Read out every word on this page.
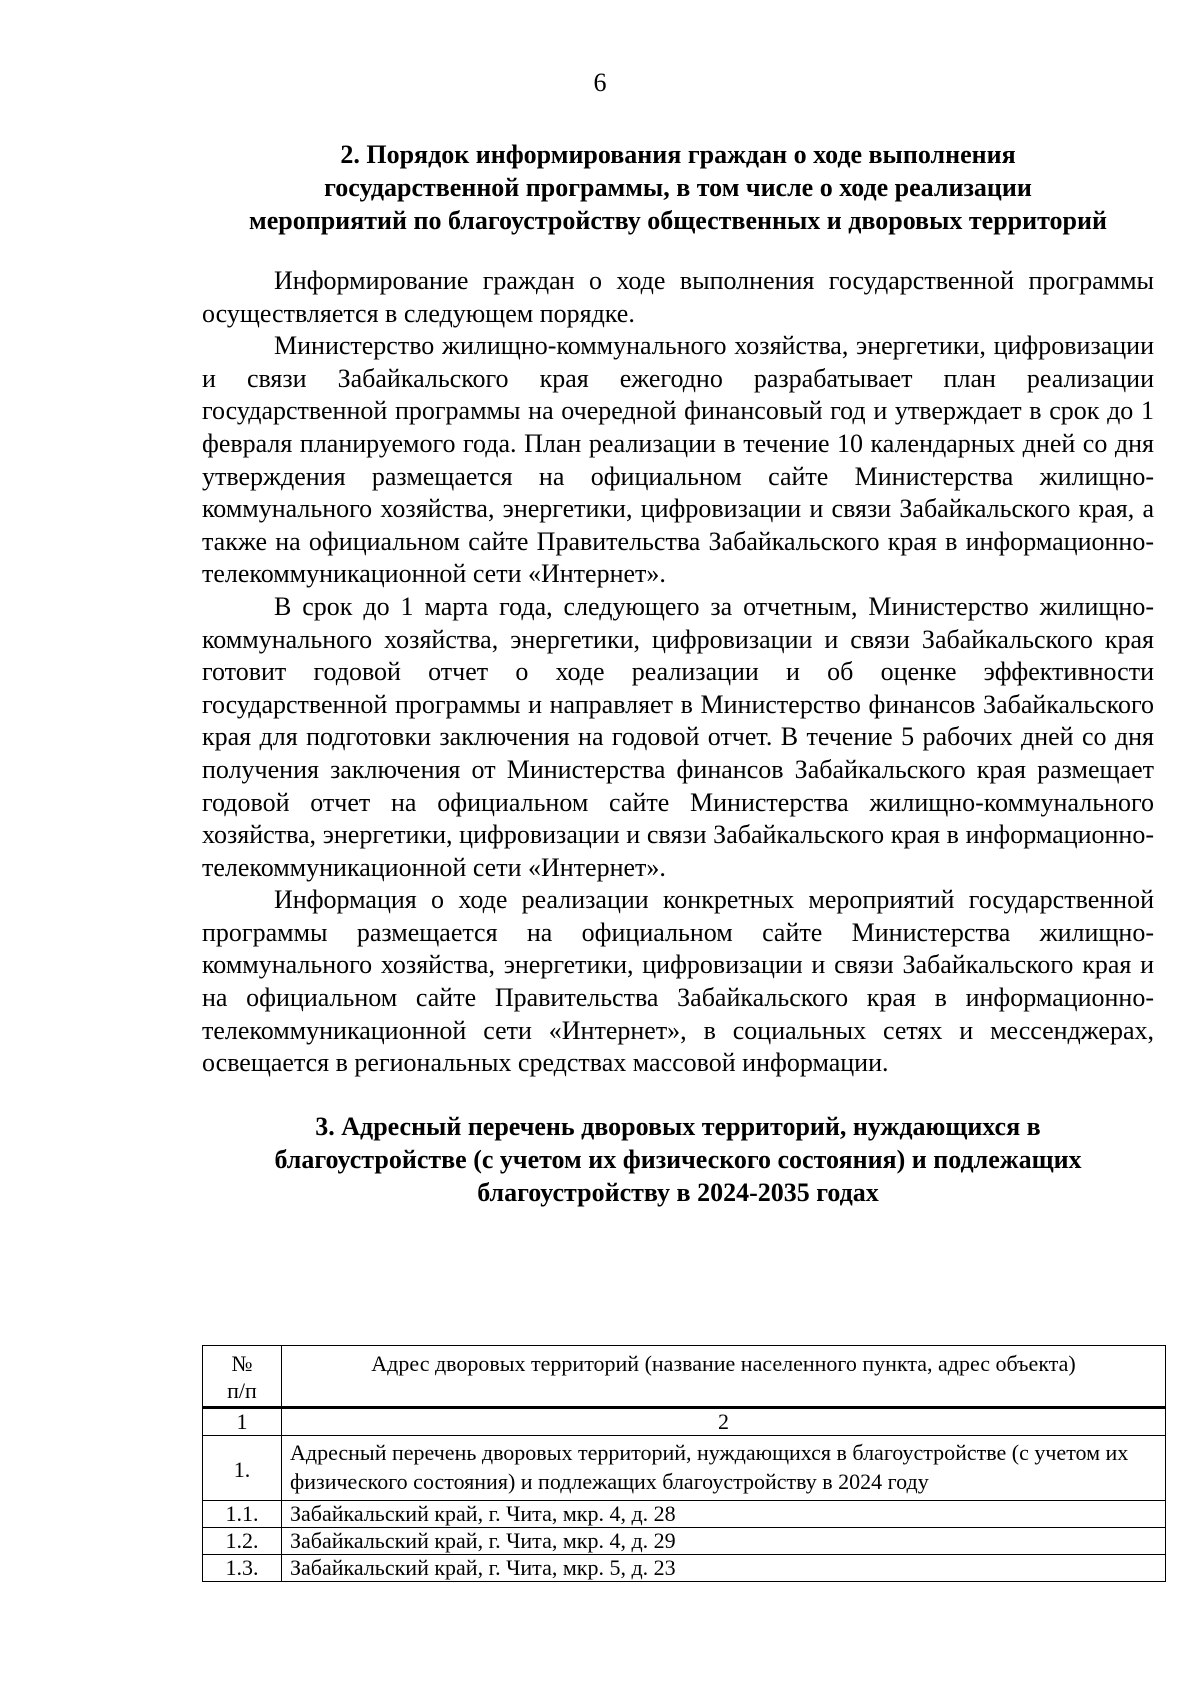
6
2. Порядок информирования граждан о ходе выполнения
государственной программы, в том числе о ходе реализации
мероприятий по благоустройству общественных и дворовых территорий

Информирование граждан о ходе выполнения государственной программы осуществляется в следующем порядке.

Министерство жилищно-коммунального хозяйства, энергетики, цифровизации и связи Забайкальского края ежегодно разрабатывает план реализации государственной программы на очередной финансовый год и утверждает в срок до 1 февраля планируемого года. План реализации в течение 10 календарных дней со дня утверждения размещается на официальном сайте Министерства жилищно-коммунального хозяйства, энергетики, цифровизации и связи Забайкальского края, а также на официальном сайте Правительства Забайкальского края в информационно-телекоммуникационной сети «Интернет».

В срок до 1 марта года, следующего за отчетным, Министерство жилищно-коммунального хозяйства, энергетики, цифровизации и связи Забайкальского края готовит годовой отчет о ходе реализации и об оценке эффективности государственной программы и направляет в Министерство финансов Забайкальского края для подготовки заключения на годовой отчет. В течение 5 рабочих дней со дня получения заключения от Министерства финансов Забайкальского края размещает годовой отчет на официальном сайте Министерства жилищно-коммунального хозяйства, энергетики, цифровизации и связи Забайкальского края в информационно-телекоммуникационной сети «Интернет».

Информация о ходе реализации конкретных мероприятий государственной программы размещается на официальном сайте Министерства жилищно-коммунального хозяйства, энергетики, цифровизации и связи Забайкальского края и на официальном сайте Правительства Забайкальского края в информационно-телекоммуникационной сети «Интернет», в социальных сетях и мессенджерах, освещается в региональных средствах массовой информации.

3. Адресный перечень дворовых территорий, нуждающихся в
благоустройстве (с учетом их физического состояния) и подлежащих
благоустройству в 2024-2035 годах
№
п/п	Адрес дворовых территорий (название населенного пункта, адрес объекта)
1	2
1.	Адресный перечень дворовых территорий, нуждающихся в благоустройстве (с учетом их физического состояния) и подлежащих благоустройству в 2024 году
1.1.	Забайкальский край, г. Чита, мкр. 4, д. 28
1.2.	Забайкальский край, г. Чита, мкр. 4, д. 29
1.3.	Забайкальский край, г. Чита, мкр. 5, д. 23
